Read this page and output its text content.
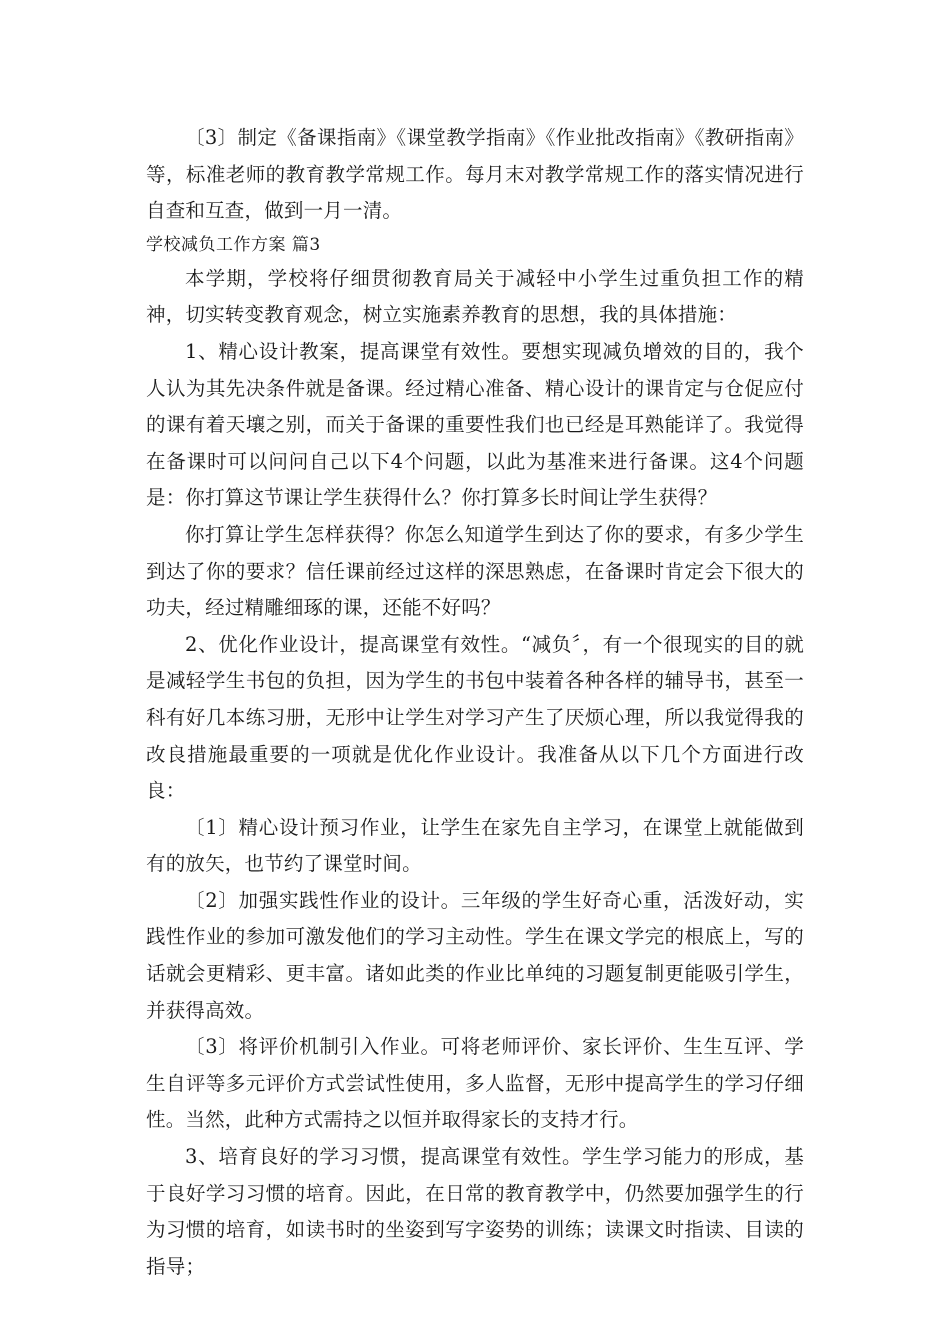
〔3〕制定《备课指南》《课堂教学指南》《作业批改指南》《教研指南》等，标准老师的教育教学常规工作。每月末对教学常规工作的落实情况进行自查和互查，做到一月一清。

学校减负工作方案 篇3

本学期，学校将仔细贯彻教育局关于减轻中小学生过重负担工作的精神，切实转变教育观念，树立实施素养教育的思想，我的具体措施：

1、精心设计教案，提高课堂有效性。要想实现减负增效的目的，我个人认为其先决条件就是备课。经过精心准备、精心设计的课肯定与仓促应付的课有着天壤之别，而关于备课的重要性我们也已经是耳熟能详了。我觉得在备课时可以问问自己以下4个问题，以此为基准来进行备课。这4个问题是：你打算这节课让学生获得什么？你打算多长时间让学生获得？

你打算让学生怎样获得？你怎么知道学生到达了你的要求，有多少学生到达了你的要求？信任课前经过这样的深思熟虑，在备课时肯定会下很大的功夫，经过精雕细琢的课，还能不好吗？

2、优化作业设计，提高课堂有效性。“减负〞，有一个很现实的目的就是减轻学生书包的负担，因为学生的书包中装着各种各样的辅导书，甚至一科有好几本练习册，无形中让学生对学习产生了厌烦心理，所以我觉得我的改良措施最重要的一项就是优化作业设计。我准备从以下几个方面进行改良：

〔1〕精心设计预习作业，让学生在家先自主学习，在课堂上就能做到有的放矢，也节约了课堂时间。

〔2〕加强实践性作业的设计。三年级的学生好奇心重，活泼好动，实践性作业的参加可激发他们的学习主动性。学生在课文学完的根底上，写的话就会更精彩、更丰富。诸如此类的作业比单纯的习题复制更能吸引学生，并获得高效。

〔3〕将评价机制引入作业。可将老师评价、家长评价、生生互评、学生自评等多元评价方式尝试性使用，多人监督，无形中提高学生的学习仔细性。当然，此种方式需持之以恒并取得家长的支持才行。

3、培育良好的学习习惯，提高课堂有效性。学生学习能力的形成，基于良好学习习惯的培育。因此，在日常的教育教学中，仍然要加强学生的行为习惯的培育，如读书时的坐姿到写字姿势的训练；读课文时指读、目读的指导；
